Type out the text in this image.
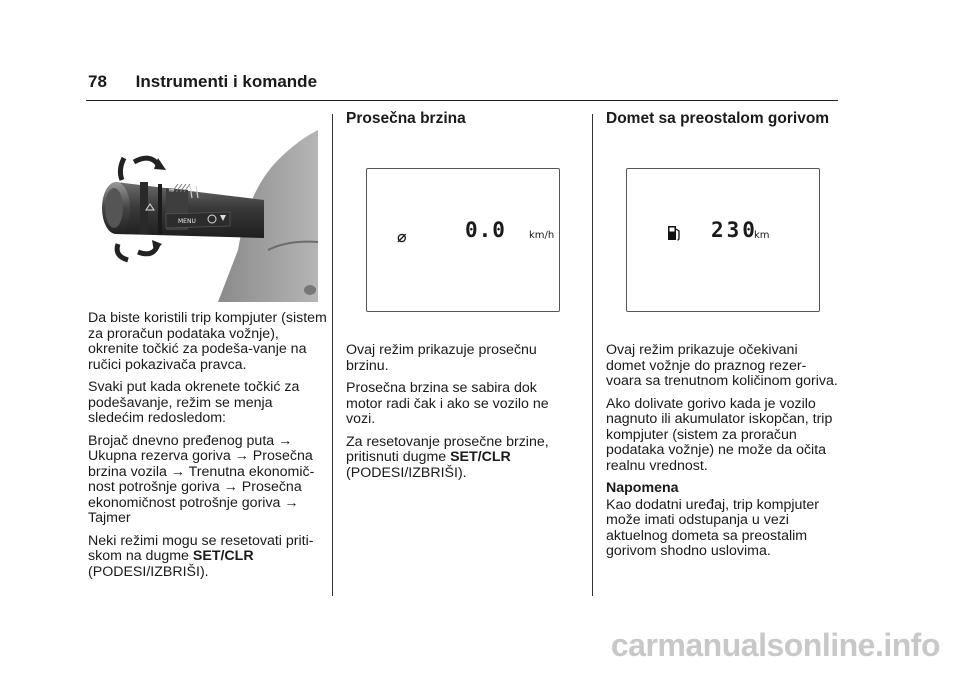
78 Instrumenti i komande
≡
MENU

Da biste koristili trip kompjuter (sistem za proračun podataka vožnje), okrenite točkić za podeša-vanje na ručici pokazivača pravca.

Svaki put kada okrenete točkić za podešavanje, režim se menja sledećim redosledom:

Brojač dnevno pređenog puta → Ukupna rezerva goriva → Prosečna brzina vozila → Trenutna ekonomič-nost potrošnje goriva → Prosečna ekonomičnost potrošnje goriva → Tajmer

Neki režimi mogu se resetovati priti-skom na dugme SET/CLR
(PODESI/IZBRIŠI).

Prosečna brzina
⌀	0.0 km/h

Ovaj režim prikazuje prosečnu brzinu.

Prosečna brzina se sabira dok motor radi čak i ako se vozilo ne vozi.

Za resetovanje prosečne brzine, pritisnuti dugme SET/CLR
(PODESI/IZBRIŠI).

Domet sa preostalom gorivom
230
km

Ovaj režim prikazuje očekivani domet vožnje do praznog rezer-voara sa trenutnom količinom goriva.

Ako dolivate gorivo kada je vozilo nagnuto ili akumulator iskopčan, trip kompjuter (sistem za proračun podataka vožnje) ne može da očita realnu vrednost.

Napomena

Kao dodatni uređaj, trip kompjuter može imati odstupanja u vezi aktuelnog dometa sa preostalim gorivom shodno uslovima.

carmanualsonline.info
